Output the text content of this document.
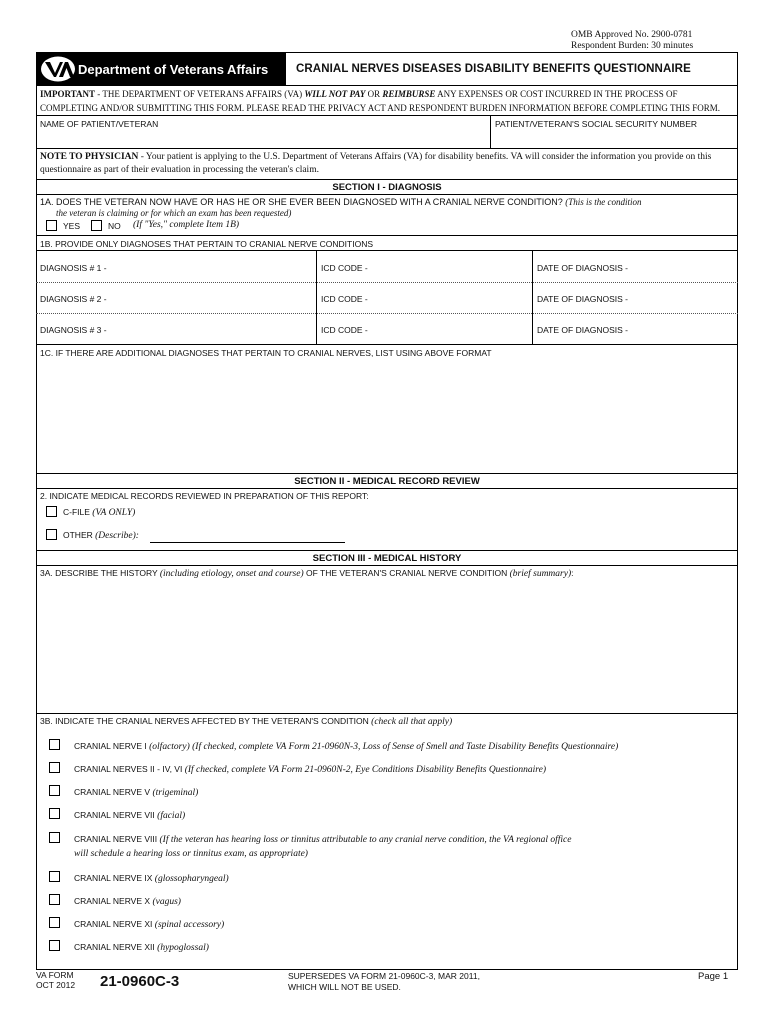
OMB Approved No. 2900-0781
Respondent Burden: 30 minutes
Department of Veterans Affairs CRANIAL NERVES DISEASES DISABILITY BENEFITS QUESTIONNAIRE
IMPORTANT - THE DEPARTMENT OF VETERANS AFFAIRS (VA) WILL NOT PAY OR REIMBURSE ANY EXPENSES OR COST INCURRED IN THE PROCESS OF COMPLETING AND/OR SUBMITTING THIS FORM. PLEASE READ THE PRIVACY ACT AND RESPONDENT BURDEN INFORMATION BEFORE COMPLETING THIS FORM.
NAME OF PATIENT/VETERAN	PATIENT/VETERAN'S SOCIAL SECURITY NUMBER
NOTE TO PHYSICIAN - Your patient is applying to the U.S. Department of Veterans Affairs (VA) for disability benefits. VA will consider the information you provide on this questionnaire as part of their evaluation in processing the veteran's claim.
SECTION I - DIAGNOSIS
1A. DOES THE VETERAN NOW HAVE OR HAS HE OR SHE EVER BEEN DIAGNOSED WITH A CRANIAL NERVE CONDITION? (This is the condition
the veteran is claiming or for which an exam has been requested)
YES	NO (If "Yes," complete Item 1B)
1B. PROVIDE ONLY DIAGNOSES THAT PERTAIN TO CRANIAL NERVE CONDITIONS
DIAGNOSIS # 1 -	ICD CODE -	DATE OF DIAGNOSIS -
DIAGNOSIS # 2 -	ICD CODE -	DATE OF DIAGNOSIS -
DIAGNOSIS # 3 -	ICD CODE -	DATE OF DIAGNOSIS -
1C. IF THERE ARE ADDITIONAL DIAGNOSES THAT PERTAIN TO CRANIAL NERVES, LIST USING ABOVE FORMAT
SECTION II - MEDICAL RECORD REVIEW
2. INDICATE MEDICAL RECORDS REVIEWED IN PREPARATION OF THIS REPORT:
C-FILE (VA ONLY)
OTHER (Describe):
SECTION III - MEDICAL HISTORY
3A. DESCRIBE THE HISTORY (including etiology, onset and course) OF THE VETERAN'S CRANIAL NERVE CONDITION (brief summary):
3B. INDICATE THE CRANIAL NERVES AFFECTED BY THE VETERAN'S CONDITION (check all that apply)
CRANIAL NERVE I (olfactory) (If checked, complete VA Form 21-0960N-3, Loss of Sense of Smell and Taste Disability Benefits Questionnaire)
CRANIAL NERVES II - IV, VI (If checked, complete VA Form 21-0960N-2, Eye Conditions Disability Benefits Questionnaire)
CRANIAL NERVE V (trigeminal)
CRANIAL NERVE VII (facial)
CRANIAL NERVE VIII (If the veteran has hearing loss or tinnitus attributable to any cranial nerve condition, the VA regional office
will schedule a hearing loss or tinnitus exam, as appropriate)
CRANIAL NERVE IX (glossopharyngeal)
CRANIAL NERVE X (vagus)
CRANIAL NERVE XI (spinal accessory)
CRANIAL NERVE XII (hypoglossal)
VA FORM
OCT 2012 21-0960C-3	SUPERSEDES VA FORM 21-0960C-3, MAR 2011,
WHICH WILL NOT BE USED.
Page 1
